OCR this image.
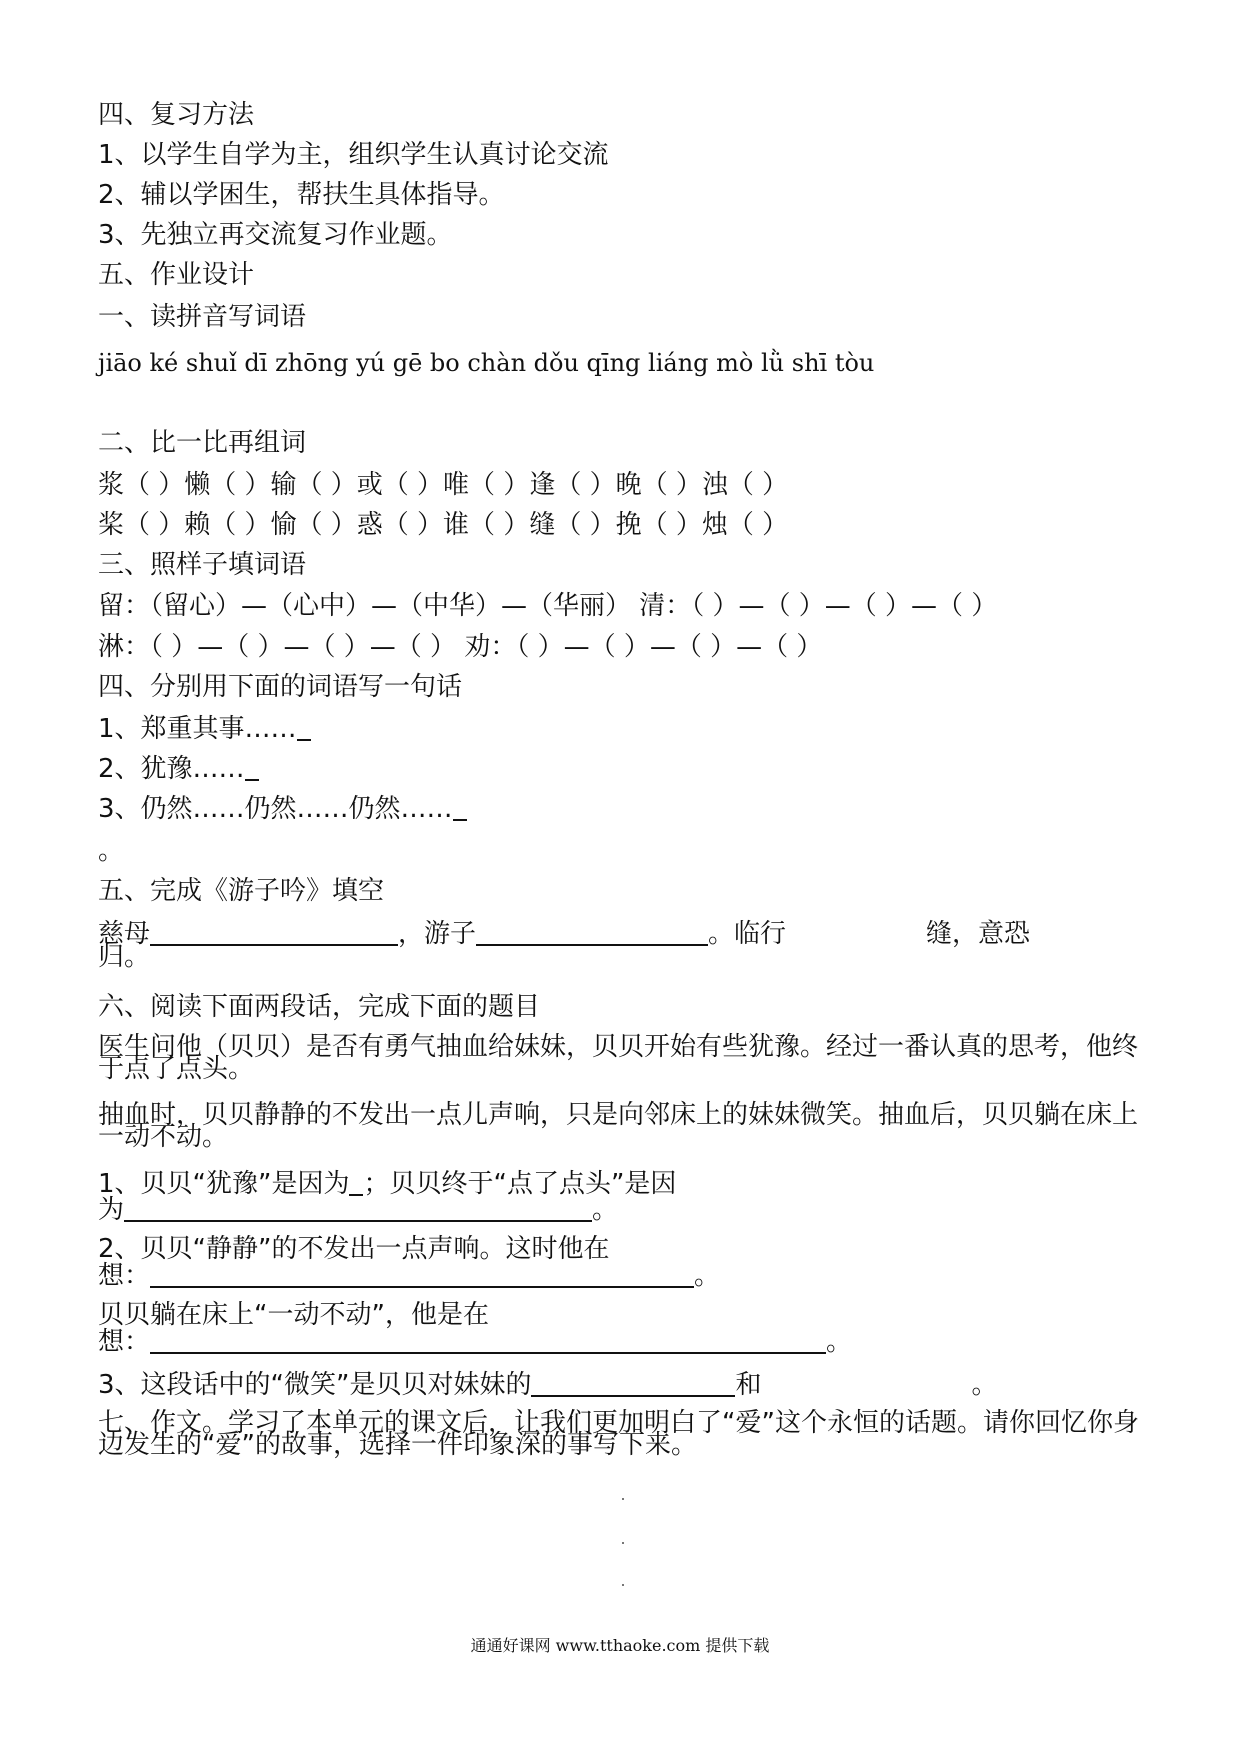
四、复习方法
1、以学生自学为主，组织学生认真讨论交流
2、辅以学困生，帮扶生具体指导。
3、先独立再交流复习作业题。
五、作业设计
一、读拼音写词语
jiāo ké shuǐ dī zhōng yú gē bo chàn dǒu qīng liáng mò lǜ shī tòu
二、比一比再组词
浆（ ）懒（ ）输（ ）或（ ）唯（ ）逢（ ）晚（ ）浊（ ）
桨（ ）赖（ ）愉（ ）惑（ ）谁（ ）缝（ ）挽（ ）烛（ ）
三、照样子填词语
留：（留心）—（心中）—（中华）—（华丽） 清：（ ）—（ ）—（ ）—（ ）
淋：（ ）—（ ）—（ ）—（ ） 劝：（ ）—（ ）—（ ）—（ ）
四、分别用下面的词语写一句话
1、郑重其事……
2、犹豫……
3、仍然……仍然……仍然……
。
五、完成《游子吟》填空
慈母	，游子	。临行	缝，意恐
归。
六、阅读下面两段话，完成下面的题目
医生问他（贝贝）是否有勇气抽血给妹妹，贝贝开始有些犹豫。经过一番认真的思考，他终于点了点头。
抽血时，贝贝静静的不发出一点儿声响，只是向邻床上的妹妹微笑。抽血后，贝贝躺在床上一动不动。
1、贝贝“犹豫”是因为 ；贝贝终于“点了点头”是因
为	。
2、贝贝“静静”的不发出一点声响。这时他在
想：	。
贝贝躺在床上“一动不动”，他是在
想：	。
3、这段话中的“微笑”是贝贝对妹妹的	和	。
七、作文。学习了本单元的课文后，让我们更加明白了“爱”这个永恒的话题。请你回忆你身边发生的“爱”的故事，选择一件印象深的事写下来。
通通好课网 www.tthaoke.com 提供下载
